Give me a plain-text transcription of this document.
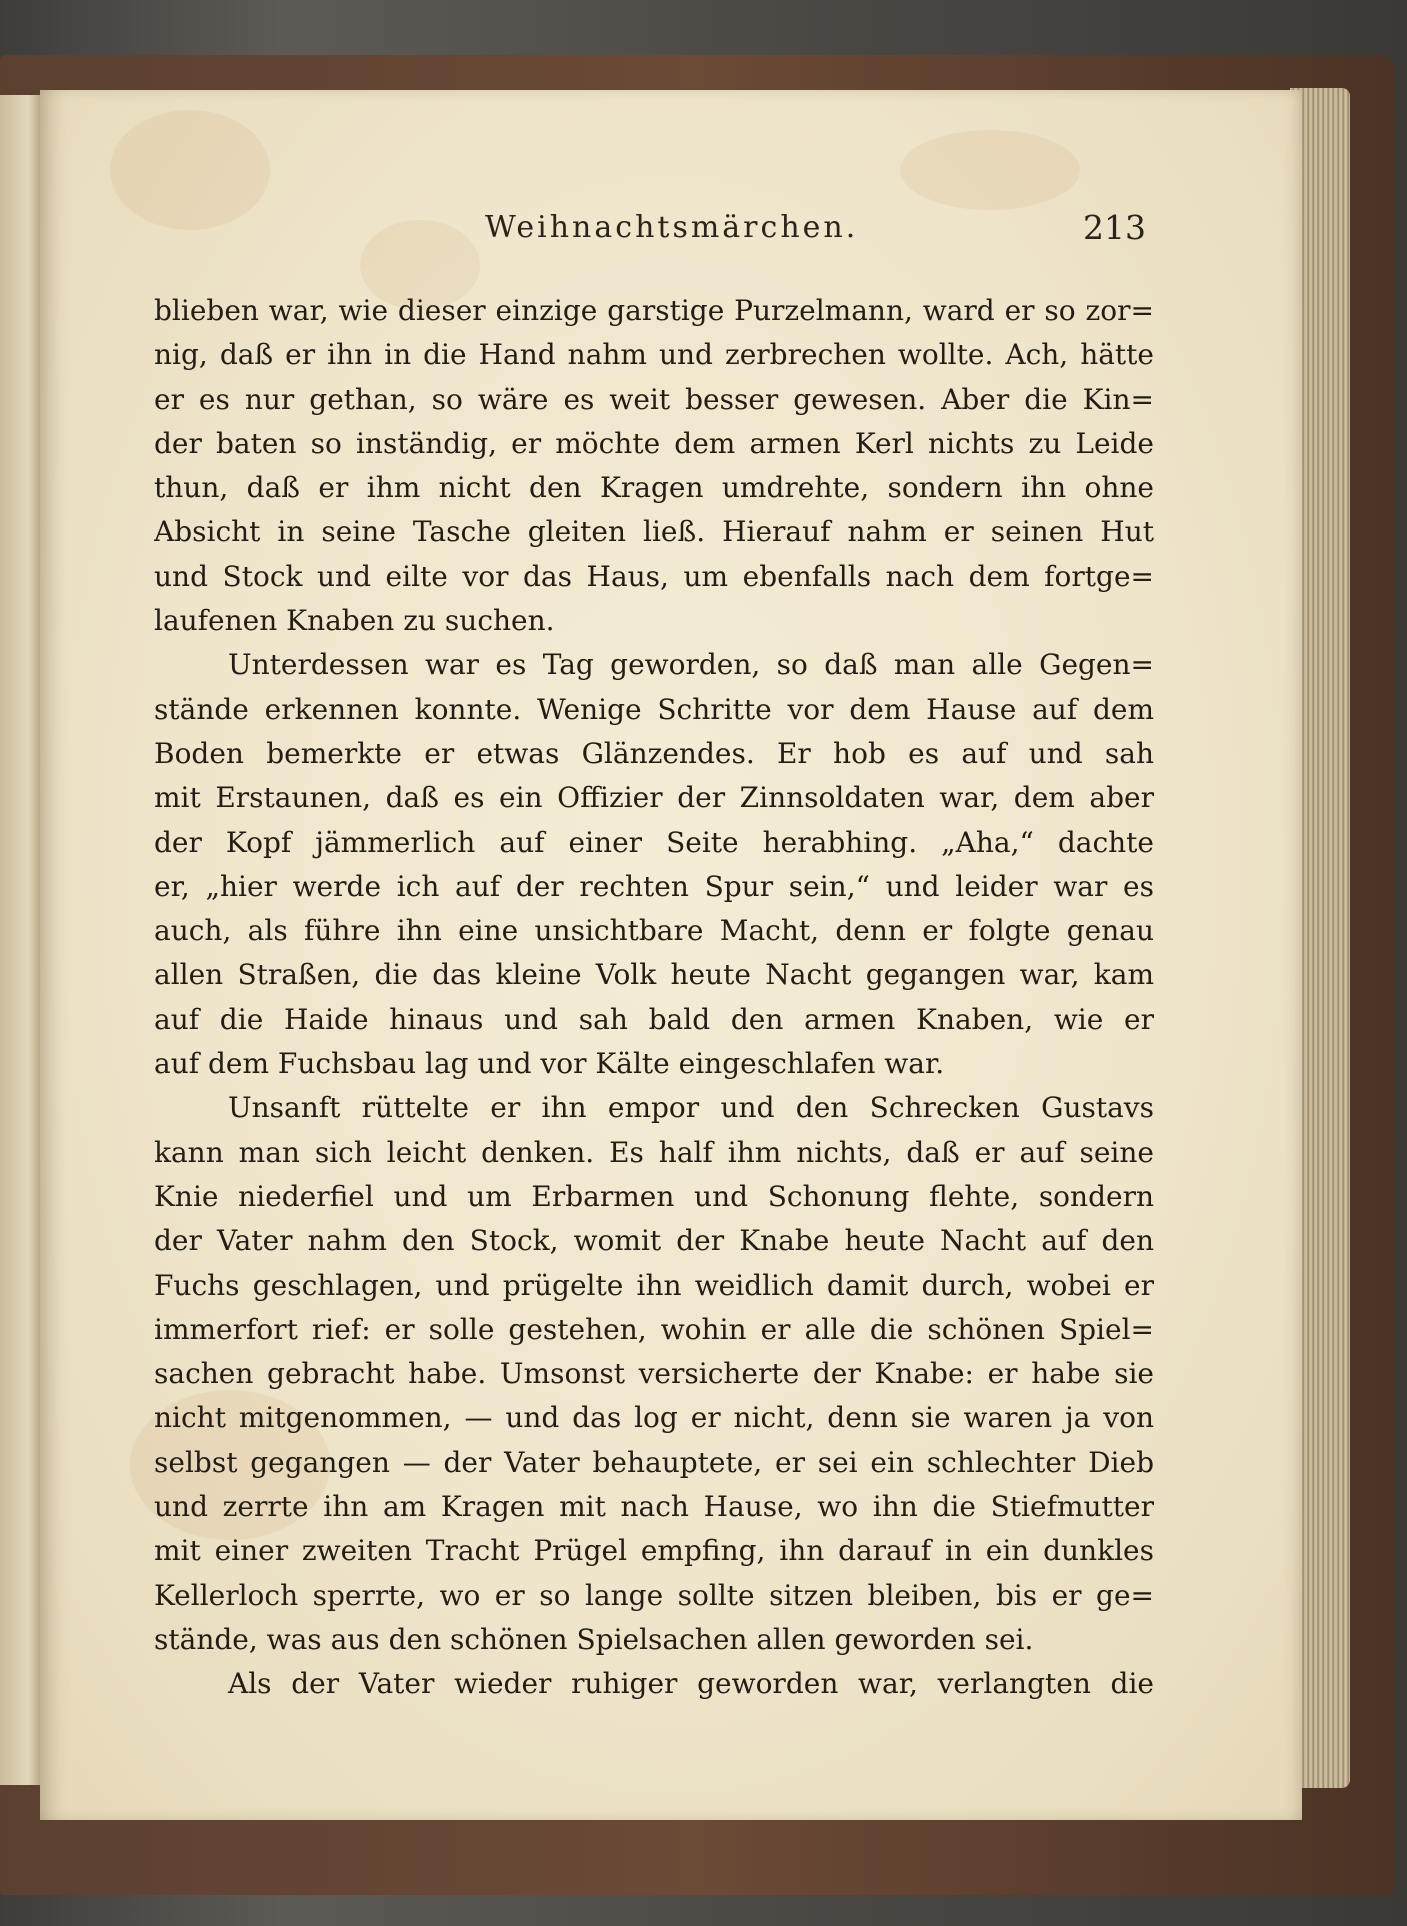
Weihnachtsmärchen.	213
blieben war, wie dieser einzige garstige Purzelmann, ward er so zor=
nig, daß er ihn in die Hand nahm und zerbrechen wollte. Ach, hätte
er es nur gethan, so wäre es weit besser gewesen. Aber die Kin=
der baten so inständig, er möchte dem armen Kerl nichts zu Leide
thun, daß er ihm nicht den Kragen umdrehte, sondern ihn ohne
Absicht in seine Tasche gleiten ließ. Hierauf nahm er seinen Hut
und Stock und eilte vor das Haus, um ebenfalls nach dem fortge=
laufenen Knaben zu suchen.
Unterdessen war es Tag geworden, so daß man alle Gegen=
stände erkennen konnte. Wenige Schritte vor dem Hause auf dem
Boden bemerkte er etwas Glänzendes. Er hob es auf und sah
mit Erstaunen, daß es ein Offizier der Zinnsoldaten war, dem aber
der Kopf jämmerlich auf einer Seite herabhing. „Aha,“ dachte
er, „hier werde ich auf der rechten Spur sein,“ und leider war es
auch, als führe ihn eine unsichtbare Macht, denn er folgte genau
allen Straßen, die das kleine Volk heute Nacht gegangen war, kam
auf die Haide hinaus und sah bald den armen Knaben, wie er
auf dem Fuchsbau lag und vor Kälte eingeschlafen war.
Unsanft rüttelte er ihn empor und den Schrecken Gustavs
kann man sich leicht denken. Es half ihm nichts, daß er auf seine
Knie niederfiel und um Erbarmen und Schonung flehte, sondern
der Vater nahm den Stock, womit der Knabe heute Nacht auf den
Fuchs geschlagen, und prügelte ihn weidlich damit durch, wobei er
immerfort rief: er solle gestehen, wohin er alle die schönen Spiel=
sachen gebracht habe. Umsonst versicherte der Knabe: er habe sie
nicht mitgenommen, — und das log er nicht, denn sie waren ja von
selbst gegangen — der Vater behauptete, er sei ein schlechter Dieb
und zerrte ihn am Kragen mit nach Hause, wo ihn die Stiefmutter
mit einer zweiten Tracht Prügel empfing, ihn darauf in ein dunkles
Kellerloch sperrte, wo er so lange sollte sitzen bleiben, bis er ge=
stände, was aus den schönen Spielsachen allen geworden sei.
Als der Vater wieder ruhiger geworden war, verlangten die
